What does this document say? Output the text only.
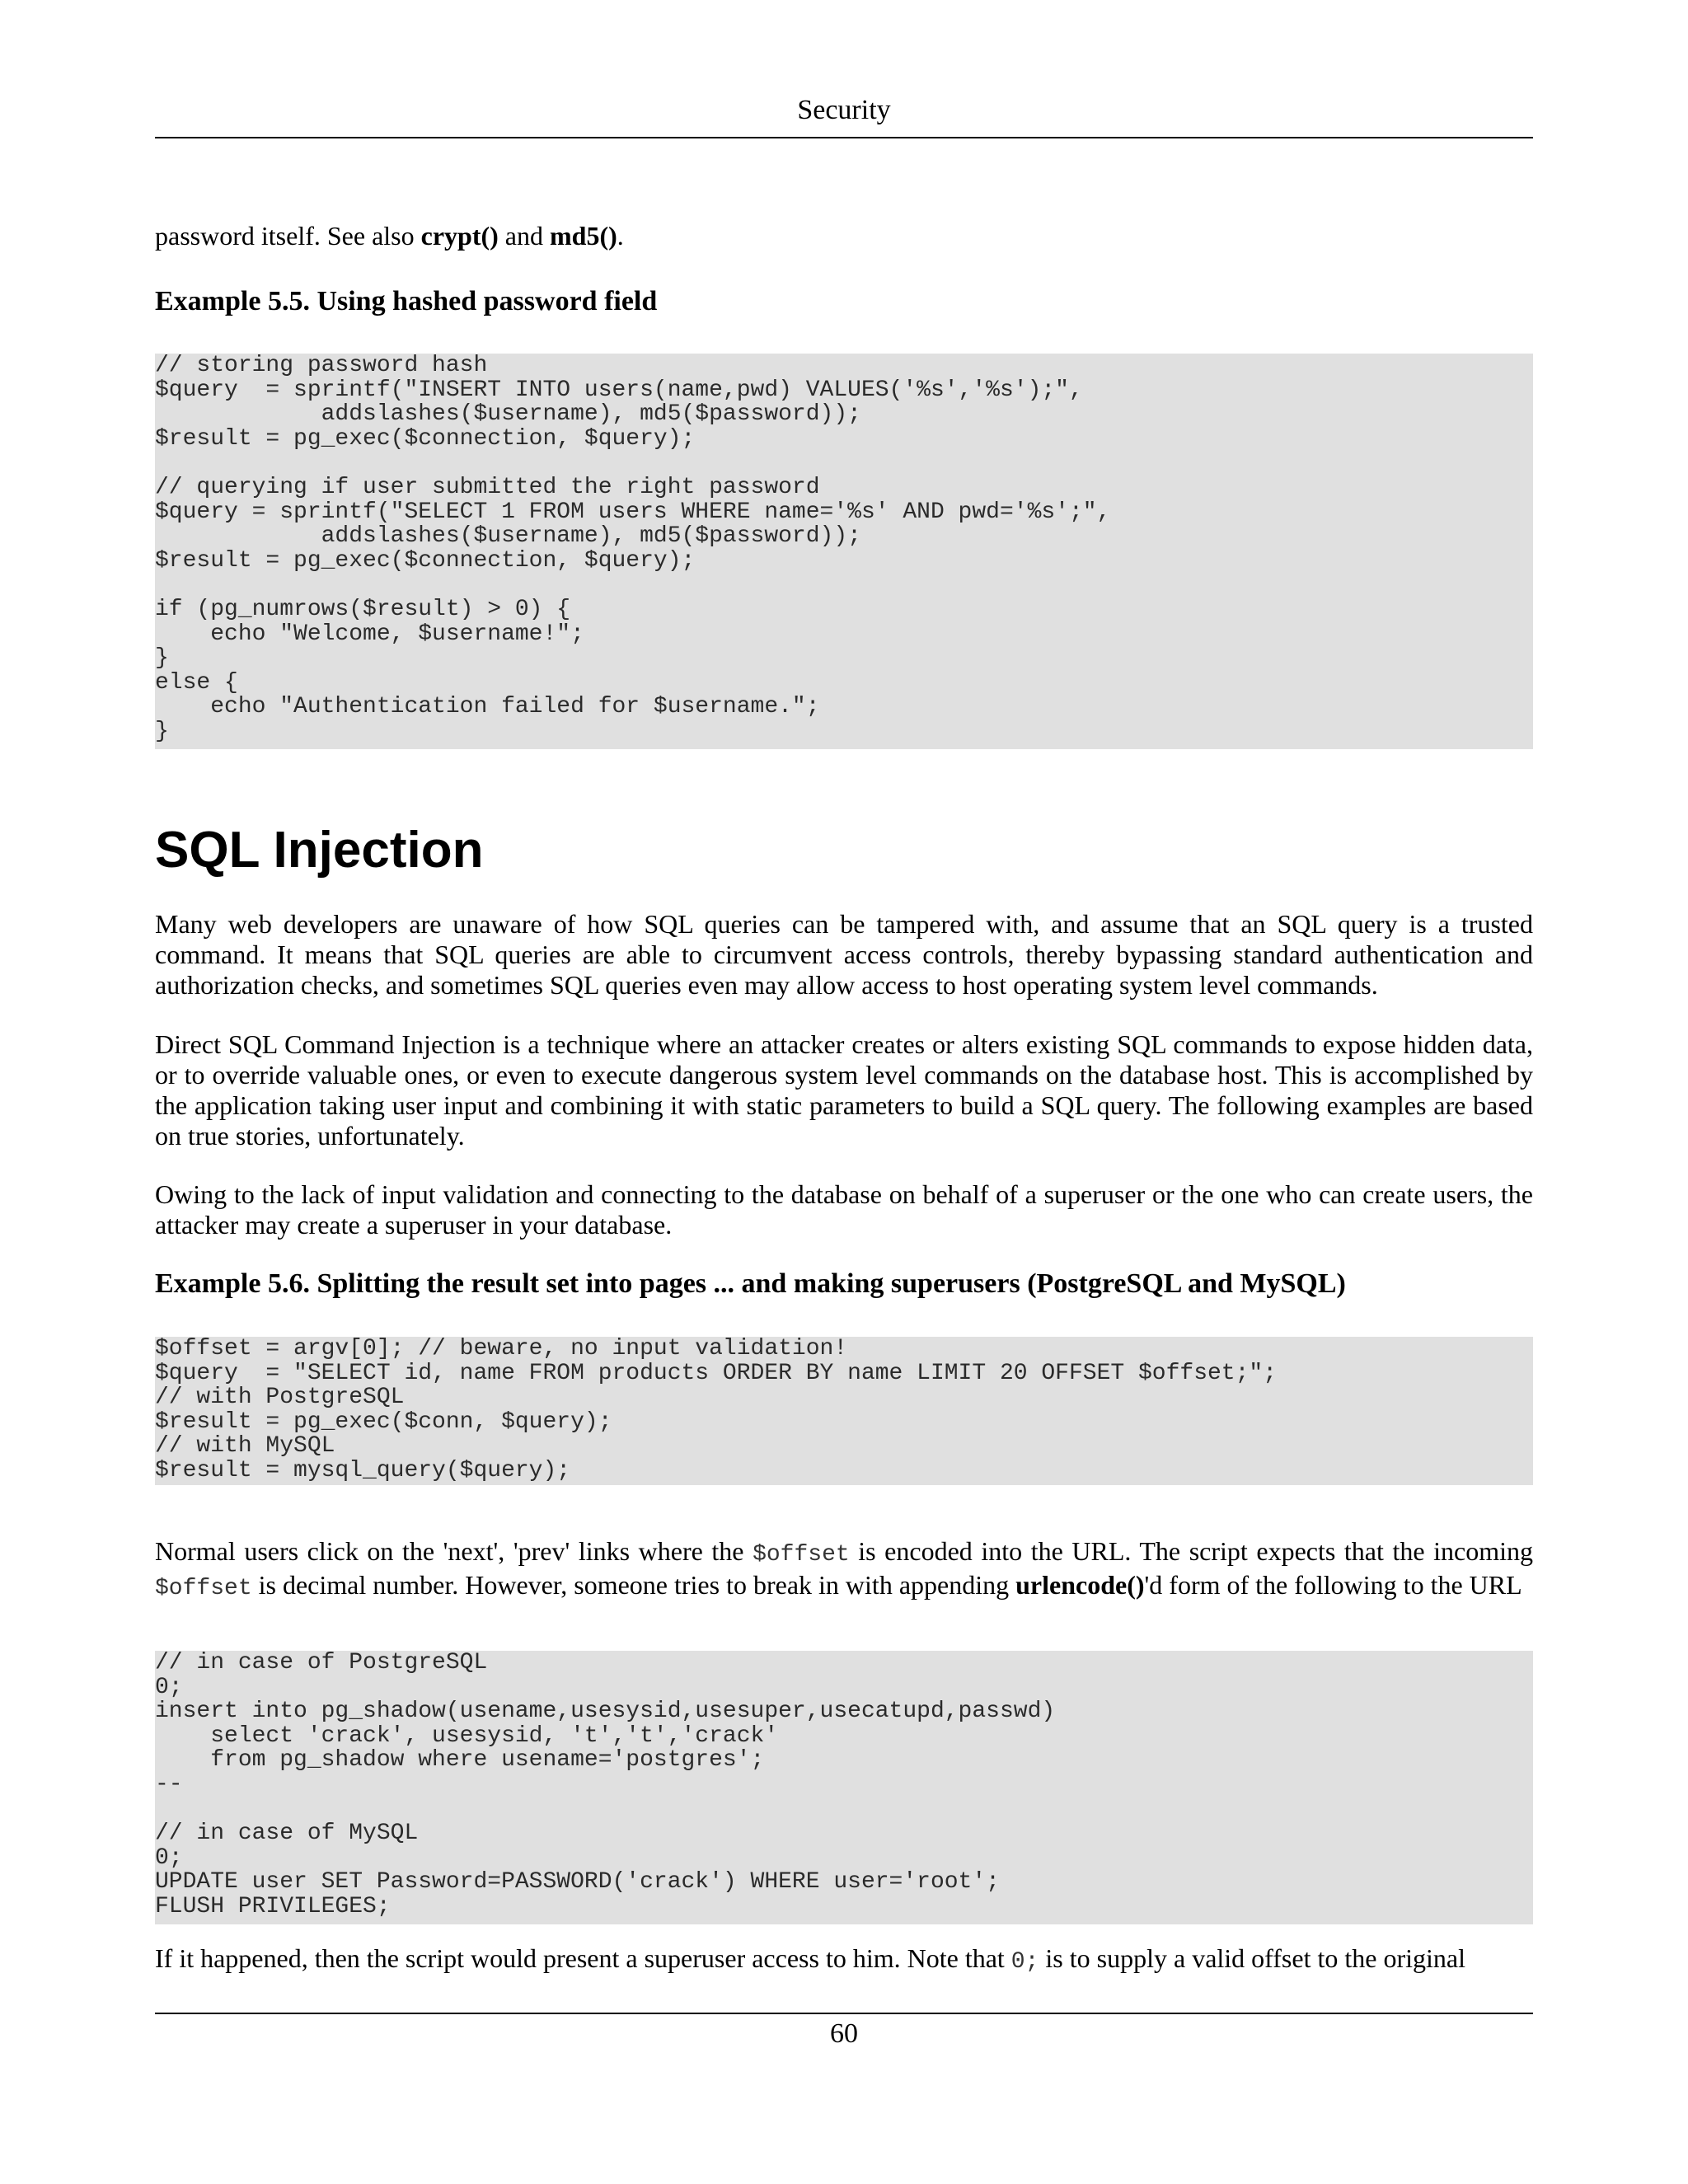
Security

password itself. See also crypt() and md5().

Example 5.5. Using hashed password field
// storing password hash
$query  = sprintf("INSERT INTO users(name,pwd) VALUES('%s','%s');",
addslashes($username), md5($password));
$result = pg_exec($connection, $query);

// querying if user submitted the right password
$query = sprintf("SELECT 1 FROM users WHERE name='%s' AND pwd='%s';",
addslashes($username), md5($password));
$result = pg_exec($connection, $query);

if (pg_numrows($result) > 0) {
echo "Welcome, $username!";
}
else {
echo "Authentication failed for $username.";
}
SQL Injection

Many web developers are unaware of how SQL queries can be tampered with, and assume that an SQL query is a trusted command. It means that SQL queries are able to circumvent access controls, thereby bypassing standard authentication and authorization checks, and sometimes SQL queries even may allow access to host operating system level commands.

Direct SQL Command Injection is a technique where an attacker creates or alters existing SQL commands to expose hidden data, or to override valuable ones, or even to execute dangerous system level commands on the database host. This is accomplished by the application taking user input and combining it with static parameters to build a SQL query. The following examples are based on true stories, unfortunately.

Owing to the lack of input validation and connecting to the database on behalf of a superuser or the one who can create users, the attacker may create a superuser in your database.

Example 5.6. Splitting the result set into pages ... and making superusers (PostgreSQL and MySQL)
$offset = argv[0]; // beware, no input validation!
$query  = "SELECT id, name FROM products ORDER BY name LIMIT 20 OFFSET $offset;";
// with PostgreSQL
$result = pg_exec($conn, $query);
// with MySQL
$result = mysql_query($query);

Normal users click on the 'next', 'prev' links where the $offset is encoded into the URL. The script expects that the incoming $offset is decimal number. However, someone tries to break in with appending urlencode()'d form of the following to the URL

// in case of PostgreSQL
0;
insert into pg_shadow(usename,usesysid,usesuper,usecatupd,passwd)
select 'crack', usesysid, 't','t','crack'
from pg_shadow where usename='postgres';
--

// in case of MySQL
0;
UPDATE user SET Password=PASSWORD('crack') WHERE user='root';
FLUSH PRIVILEGES;

If it happened, then the script would present a superuser access to him. Note that 0; is to supply a valid offset to the original

60
